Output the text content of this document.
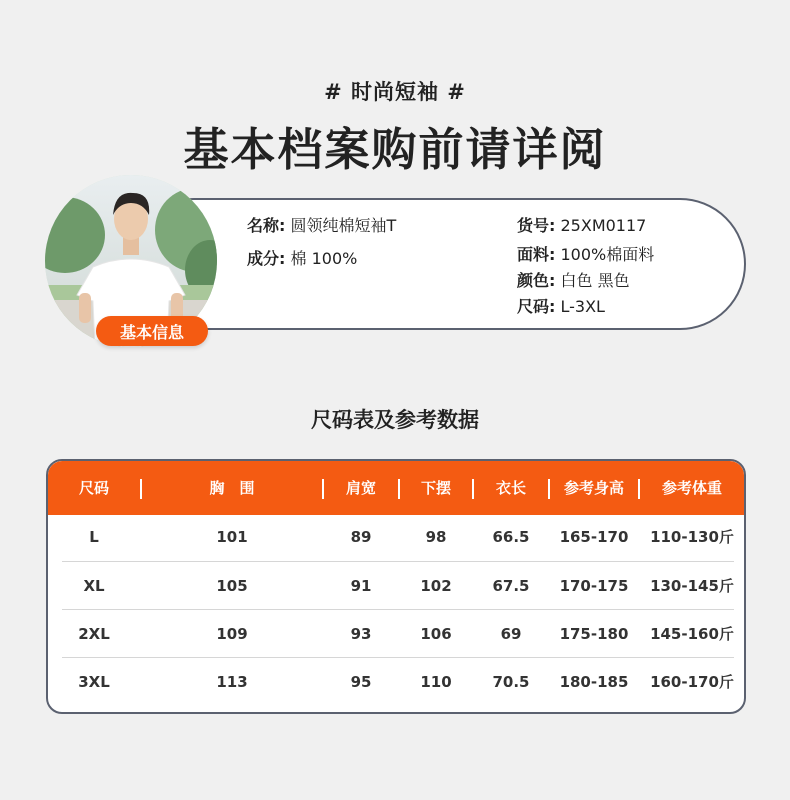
# 时尚短袖 #
基本档案购前请详阅
名称: 圆领纯棉短袖T
成分: 棉 100%
货号: 25XM0117
面料: 100%棉面料
颜色: 白色 黑色
尺码: L-3XL
基本信息
尺码表及参考数据
尺码	胸　围	肩宽	下摆	衣长	参考身高	参考体重
L	101	89	98	66.5	165-170	110-130斤
XL	105	91	102	67.5	170-175	130-145斤
2XL	109	93	106	69	175-180	145-160斤
3XL	113	95	110	70.5	180-185	160-170斤
